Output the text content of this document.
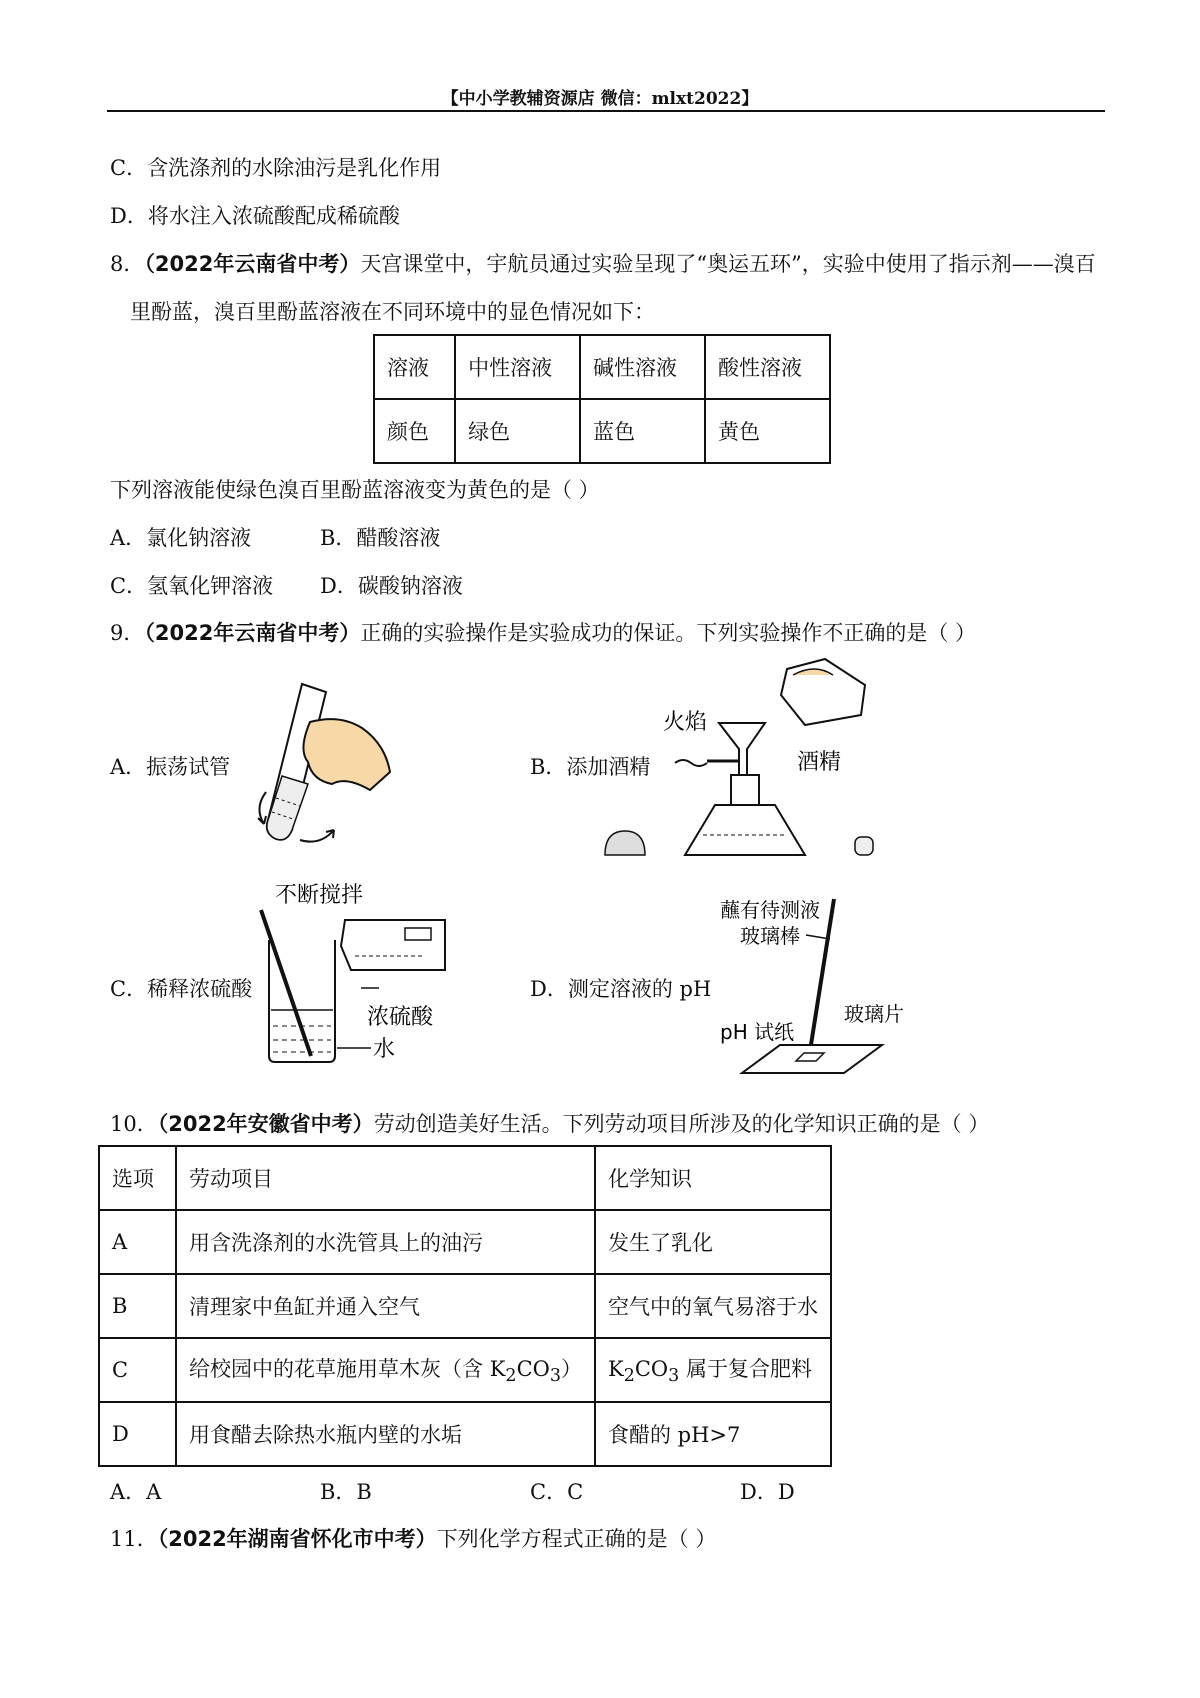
【中小学教辅资源店 微信：mlxt2022】
C．含洗涤剂的水除油污是乳化作用
D．将水注入浓硫酸配成稀硫酸
8．（2022年云南省中考）天宫课堂中，宇航员通过实验呈现了“奥运五环”，实验中使用了指示剂——溴百
里酚蓝，溴百里酚蓝溶液在不同环境中的显色情况如下：
溶液	中性溶液	碱性溶液	酸性溶液
颜色	绿色	蓝色	黄色
下列溶液能使绿色溴百里酚蓝溶液变为黄色的是（ ）
A．氯化钠溶液	B．醋酸溶液
C．氢氧化钾溶液 D．碳酸钠溶液
9．（2022年云南省中考）正确的实验操作是实验成功的保证。下列实验操作不正确的是（ ）
A．振荡试管	B．添加酒精
C．稀释浓硫酸	D．测定溶液的 pH
火焰
酒精
不断搅拌
浓硫酸
水
蘸有待测液
玻璃棒
玻璃片
pH 试纸
10．（2022年安徽省中考）劳动创造美好生活。下列劳动项目所涉及的化学知识正确的是（ ）
选项	劳动项目	化学知识
A	用含洗涤剂的水洗管具上的油污	发生了乳化
B	清理家中鱼缸并通入空气	空气中的氧气易溶于水
C	给校园中的花草施用草木灰（含 $K_2CO_3$）	$K_2CO_3$ 属于复合肥料
D	用食醋去除热水瓶内壁的水垢	食醋的 pH>7
A．A	B．B	C．C	D．D
11．（2022年湖南省怀化市中考）下列化学方程式正确的是（ ）
